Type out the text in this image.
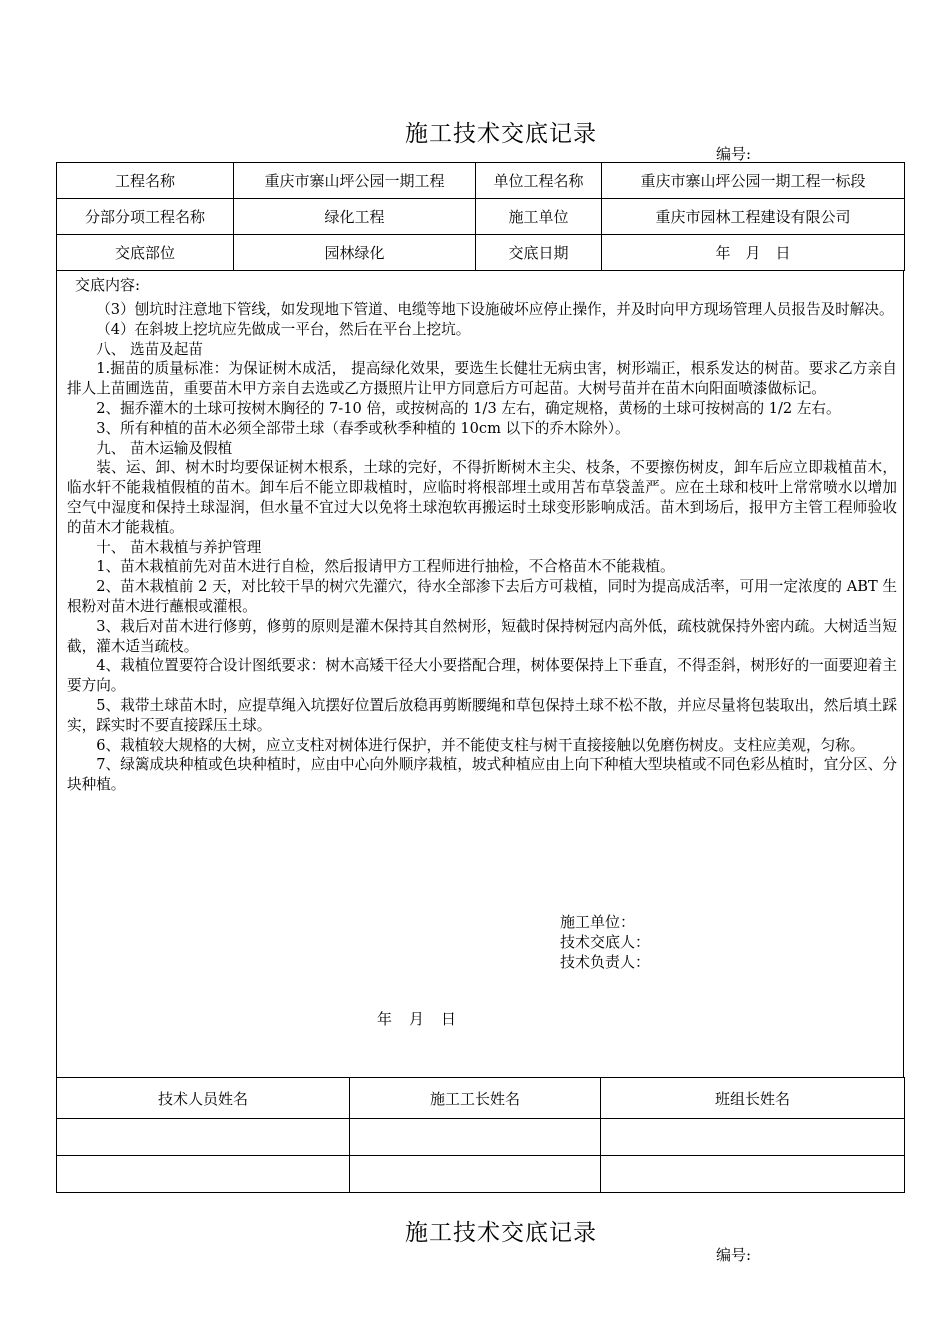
施工技术交底记录
编号:
工程名称	重庆市寨山坪公园一期工程	单位工程名称	重庆市寨山坪公园一期工程一标段
分部分项工程名称	绿化工程	施工单位	重庆市园林工程建设有限公司
交底部位	园林绿化	交底日期	年　月　日
交底内容:

（3）刨坑时注意地下管线，如发现地下管道、电缆等地下设施破坏应停止操作，并及时向甲方现场管理人员报告及时解决。

（4）在斜坡上挖坑应先做成一平台，然后在平台上挖坑。

八、 选苗及起苗

1.掘苗的质量标准：为保证树木成活， 提高绿化效果，要选生长健壮无病虫害，树形端正，根系发达的树苗。要求乙方亲自排人上苗圃选苗，重要苗木甲方亲自去选或乙方摄照片让甲方同意后方可起苗。大树号苗并在苗木向阳面喷漆做标记。

2、掘乔灌木的土球可按树木胸径的 7-10 倍，或按树高的 1/3 左右，确定规格，黄杨的土球可按树高的 1/2 左右。

3、所有种植的苗木必须全部带土球（春季或秋季种植的 10cm 以下的乔木除外）。

九、 苗木运输及假植

装、运、卸、树木时均要保证树木根系，土球的完好，不得折断树木主尖、枝条，不要擦伤树皮，卸车后应立即栽植苗木，临水轩不能栽植假植的苗木。卸车后不能立即栽植时，应临时将根部埋土或用苫布草袋盖严。应在土球和枝叶上常常喷水以增加空气中湿度和保持土球湿润，但水量不宜过大以免将土球泡软再搬运时土球变形影响成活。苗木到场后，报甲方主管工程师验收的苗木才能栽植。

十、 苗木栽植与养护管理

1、苗木栽植前先对苗木进行自检，然后报请甲方工程师进行抽检，不合格苗木不能栽植。

2、苗木栽植前 2 天，对比较干旱的树穴先灌穴，待水全部渗下去后方可栽植，同时为提高成活率，可用一定浓度的 ABT 生根粉对苗木进行蘸根或灌根。

3、栽后对苗木进行修剪，修剪的原则是灌木保持其自然树形，短截时保持树冠内高外低，疏枝就保持外密内疏。大树适当短截，灌木适当疏枝。

4、栽植位置要符合设计图纸要求：树木高矮干径大小要搭配合理，树体要保持上下垂直，不得歪斜，树形好的一面要迎着主要方向。

5、栽带土球苗木时，应提草绳入坑摆好位置后放稳再剪断腰绳和草包保持土球不松不散，并应尽量将包装取出，然后填土踩实，踩实时不要直接踩压土球。

6、栽植较大规格的大树，应立支柱对树体进行保护，并不能使支柱与树干直接接触以免磨伤树皮。支柱应美观，匀称。

7、绿篱成块种植或色块种植时，应由中心向外顺序栽植，坡式种植应由上向下种植大型块植或不同色彩丛植时，宜分区、分块种植。

施工单位：
技术交底人：
技术负责人：
年　月　日
技术人员姓名	施工工长姓名	班组长姓名

施工技术交底记录
编号:
